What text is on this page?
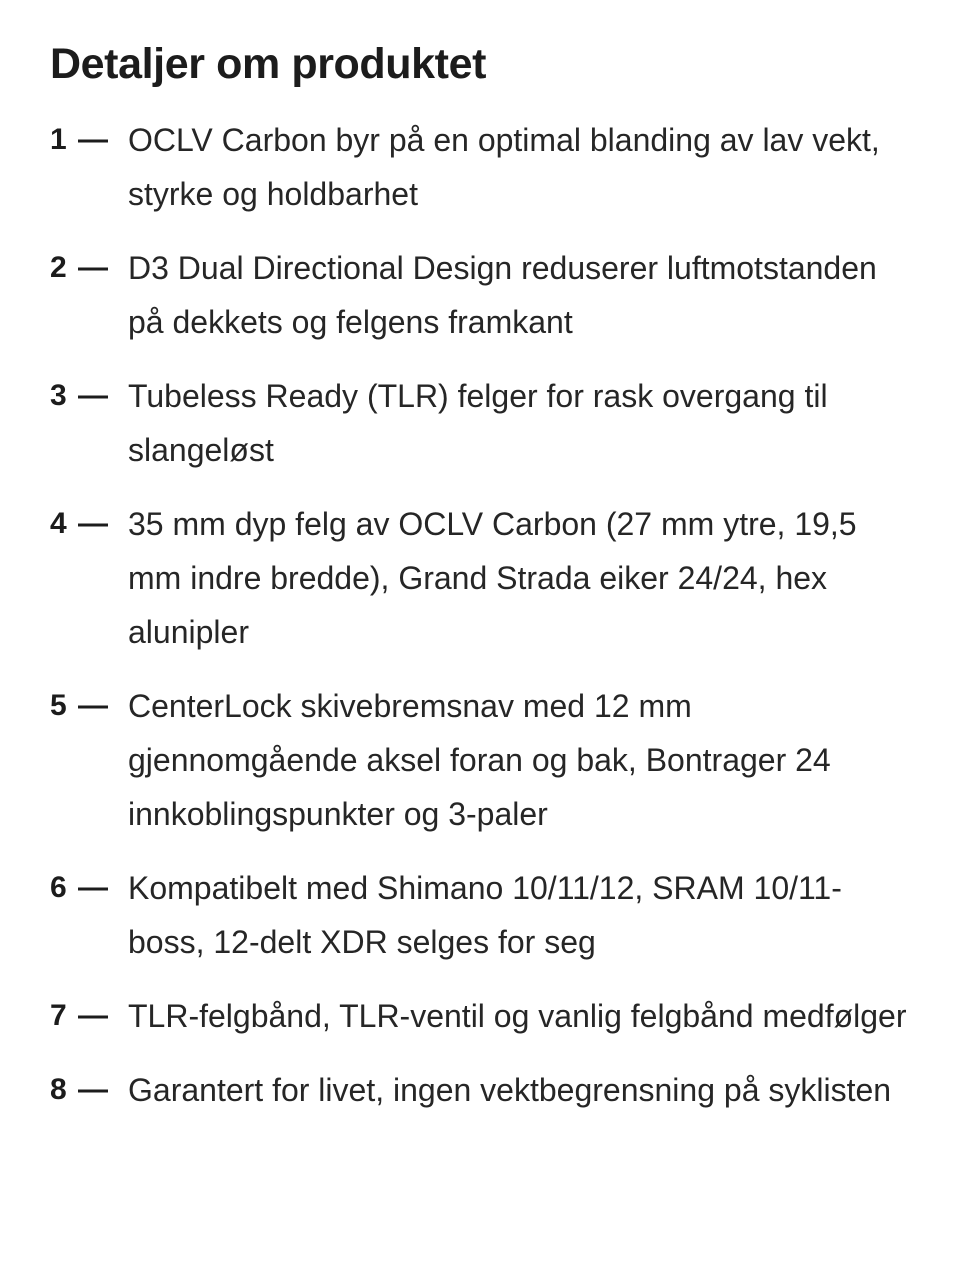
Detaljer om produktet
1 — OCLV Carbon byr på en optimal blanding av lav vekt, styrke og holdbarhet
2 — D3 Dual Directional Design reduserer luftmotstanden på dekkets og felgens framkant
3 — Tubeless Ready (TLR) felger for rask overgang til slangeløst
4 — 35 mm dyp felg av OCLV Carbon (27 mm ytre, 19,5 mm indre bredde), Grand Strada eiker 24/24, hex alunipler
5 — CenterLock skivebremsnav med 12 mm gjennomgående aksel foran og bak, Bontrager 24 innkoblingspunkter og 3-paler
6 — Kompatibelt med Shimano 10/11/12, SRAM 10/11-boss, 12-delt XDR selges for seg
7 — TLR-felgbånd, TLR-ventil og vanlig felgbånd medfølger
8 — Garantert for livet, ingen vektbegrensning på syklisten
